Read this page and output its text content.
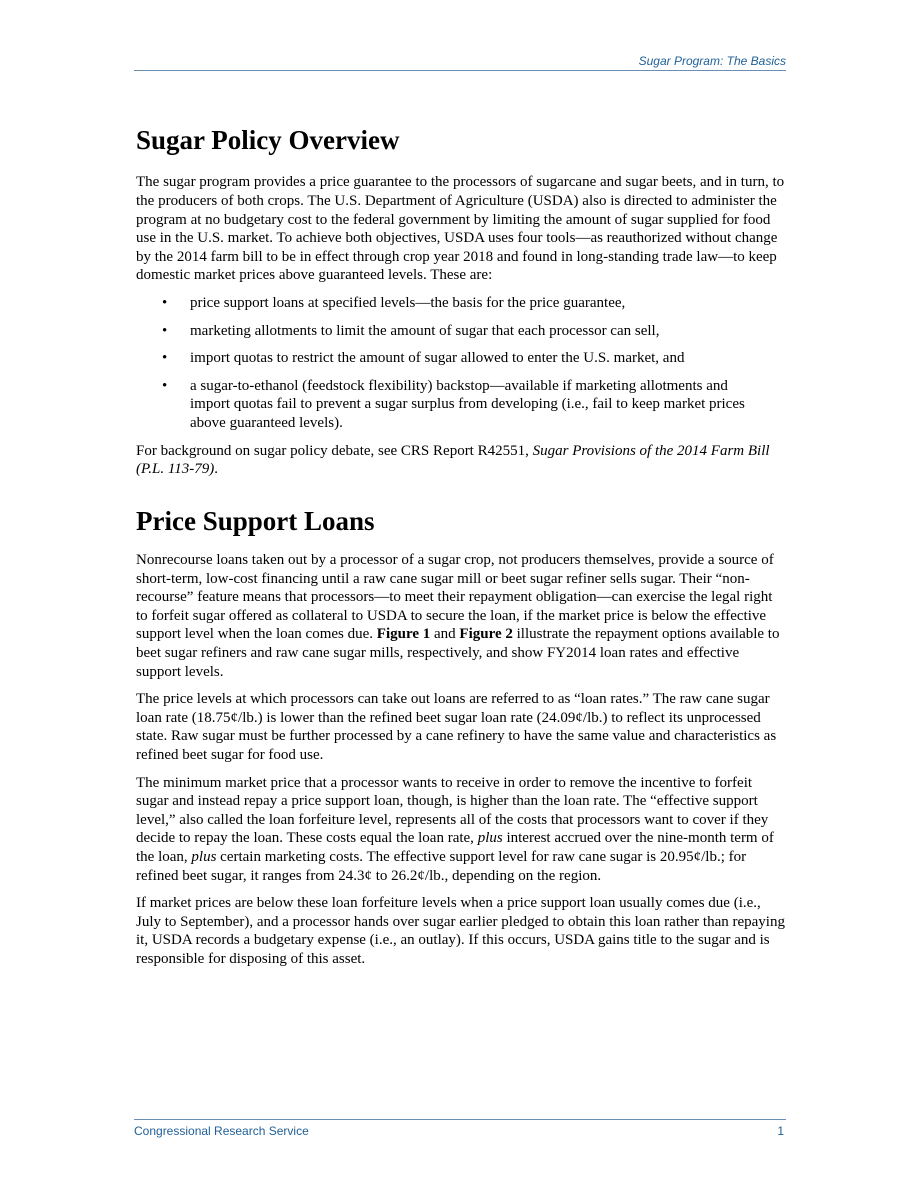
Sugar Program: The Basics
Sugar Policy Overview

The sugar program provides a price guarantee to the processors of sugarcane and sugar beets, and in turn, to the producers of both crops. The U.S. Department of Agriculture (USDA) also is directed to administer the program at no budgetary cost to the federal government by limiting the amount of sugar supplied for food use in the U.S. market. To achieve both objectives, USDA uses four tools—as reauthorized without change by the 2014 farm bill to be in effect through crop year 2018 and found in long-standing trade law—to keep domestic market prices above guaranteed levels. These are:

• price support loans at specified levels—the basis for the price guarantee,
• marketing allotments to limit the amount of sugar that each processor can sell,
• import quotas to restrict the amount of sugar allowed to enter the U.S. market, and
• a sugar-to-ethanol (feedstock flexibility) backstop—available if marketing allotments and import quotas fail to prevent a sugar surplus from developing (i.e., fail to keep market prices above guaranteed levels).

For background on sugar policy debate, see CRS Report R42551, Sugar Provisions of the 2014 Farm Bill (P.L. 113-79).

Price Support Loans

Nonrecourse loans taken out by a processor of a sugar crop, not producers themselves, provide a source of short-term, low-cost financing until a raw cane sugar mill or beet sugar refiner sells sugar. Their “non-recourse” feature means that processors—to meet their repayment obligation—can exercise the legal right to forfeit sugar offered as collateral to USDA to secure the loan, if the market price is below the effective support level when the loan comes due. Figure 1 and Figure 2 illustrate the repayment options available to beet sugar refiners and raw cane sugar mills, respectively, and show FY2014 loan rates and effective support levels.

The price levels at which processors can take out loans are referred to as “loan rates.” The raw cane sugar loan rate (18.75¢/lb.) is lower than the refined beet sugar loan rate (24.09¢/lb.) to reflect its unprocessed state. Raw sugar must be further processed by a cane refinery to have the same value and characteristics as refined beet sugar for food use.

The minimum market price that a processor wants to receive in order to remove the incentive to forfeit sugar and instead repay a price support loan, though, is higher than the loan rate. The “effective support level,” also called the loan forfeiture level, represents all of the costs that processors want to cover if they decide to repay the loan. These costs equal the loan rate, plus interest accrued over the nine-month term of the loan, plus certain marketing costs. The effective support level for raw cane sugar is 20.95¢/lb.; for refined beet sugar, it ranges from 24.3¢ to 26.2¢/lb., depending on the region.

If market prices are below these loan forfeiture levels when a price support loan usually comes due (i.e., July to September), and a processor hands over sugar earlier pledged to obtain this loan rather than repaying it, USDA records a budgetary expense (i.e., an outlay). If this occurs, USDA gains title to the sugar and is responsible for disposing of this asset.

Congressional Research Service	1
